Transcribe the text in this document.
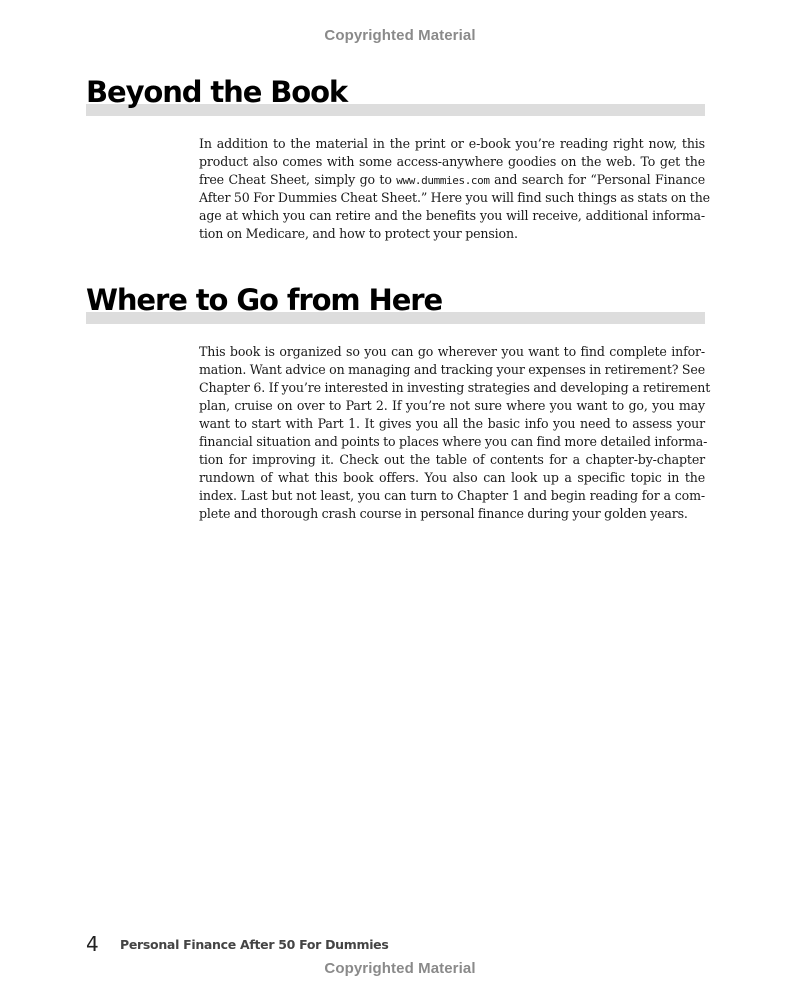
Copyrighted Material
Beyond the Book
In addition to the material in the print or e-book you’re reading right now, this
product also comes with some access-anywhere goodies on the web. To get the
free Cheat Sheet, simply go to www.dummies.com and search for “Personal Finance
After 50 For Dummies Cheat Sheet.” Here you will find such things as stats on the
age at which you can retire and the benefits you will receive, additional informa-
tion on Medicare, and how to protect your pension.
Where to Go from Here
This book is organized so you can go wherever you want to find complete infor-
mation. Want advice on managing and tracking your expenses in retirement? See
Chapter 6. If you’re interested in investing strategies and developing a retirement
plan, cruise on over to Part 2. If you’re not sure where you want to go, you may
want to start with Part 1. It gives you all the basic info you need to assess your
financial situation and points to places where you can find more detailed informa-
tion for improving it. Check out the table of contents for a chapter-by-chapter
rundown of what this book offers. You also can look up a specific topic in the
index. Last but not least, you can turn to Chapter 1 and begin reading for a com-
plete and thorough crash course in personal finance during your golden years.
4	Personal Finance After 50 For Dummies
Copyrighted Material
